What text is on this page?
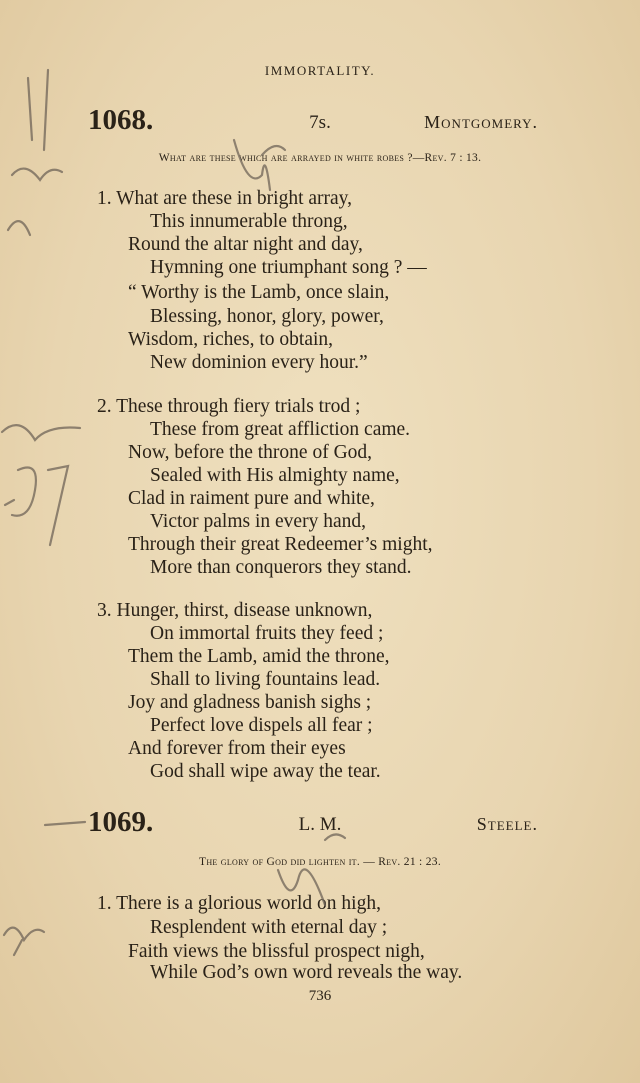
IMMORTALITY.
1068.	7s.	Montgomery.
What are these which are arrayed in white robes ?—Rev. 7 : 13.
1. What are these in bright array,
This innumerable throng,
Round the altar night and day,
Hymning one triumphant song ? —
“ Worthy is the Lamb, once slain,
Blessing, honor, glory, power,
Wisdom, riches, to obtain,
New dominion every hour.”
2. These through fiery trials trod ;
These from great affliction came.
Now, before the throne of God,
Sealed with His almighty name,
Clad in raiment pure and white,
Victor palms in every hand,
Through their great Redeemer’s might,
More than conquerors they stand.
3. Hunger, thirst, disease unknown,
On immortal fruits they feed ;
Them the Lamb, amid the throne,
Shall to living fountains lead.
Joy and gladness banish sighs ;
Perfect love dispels all fear ;
And forever from their eyes
God shall wipe away the tear.
1069.	L. M.	Steele.
The glory of God did lighten it. — Rev. 21 : 23.
1. There is a glorious world on high,
Resplendent with eternal day ;
Faith views the blissful prospect nigh,
While God’s own word reveals the way.
736
